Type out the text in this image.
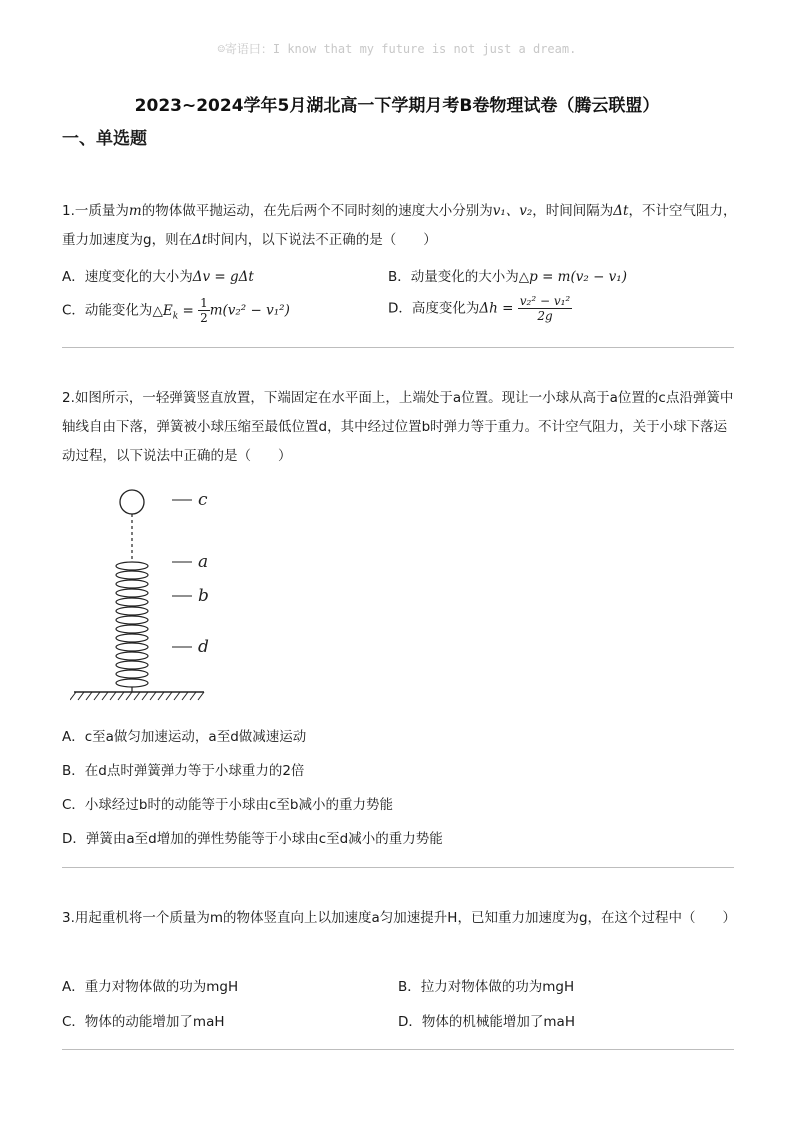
☺寄语曰：I know that my future is not just a dream.
2023~2024学年5月湖北高一下学期月考B卷物理试卷（腾云联盟）
一、单选题

1.一质量为m的物体做平抛运动，在先后两个不同时刻的速度大小分别为v₁、v₂，时间间隔为Δt，不计空气阻力，重力加速度为g，则在Δt时间内，以下说法不正确的是（　　）

A．速度变化的大小为Δv = gΔt	B．动量变化的大小为△p = m(v₂ − v₁)
C．动能变化为$\triangle E_k = \frac{1}{2} m(v_2^2 - v_1^2)$	D．高度变化为$\Delta h = \frac{\text{v₂² − v₁²}}{2g}$

2.如图所示，一轻弹簧竖直放置，下端固定在水平面上，上端处于a位置。现让一小球从高于a位置的c点沿弹簧中轴线自由下落，弹簧被小球压缩至最低位置d，其中经过位置b时弹力等于重力。不计空气阻力，关于小球下落运动过程，以下说法中正确的是（　　）

c
a
b
d
A．c至a做匀加速运动，a至d做减速运动
B．在d点时弹簧弹力等于小球重力的2倍
C．小球经过b时的动能等于小球由c至b减小的重力势能
D．弹簧由a至d增加的弹性势能等于小球由c至d减小的重力势能

3.用起重机将一个质量为m的物体竖直向上以加速度a匀加速提升H，已知重力加速度为g，在这个过程中（　　）

A．重力对物体做的功为mgH	B．拉力对物体做的功为mgH
C．物体的动能增加了maH	D．物体的机械能增加了maH
